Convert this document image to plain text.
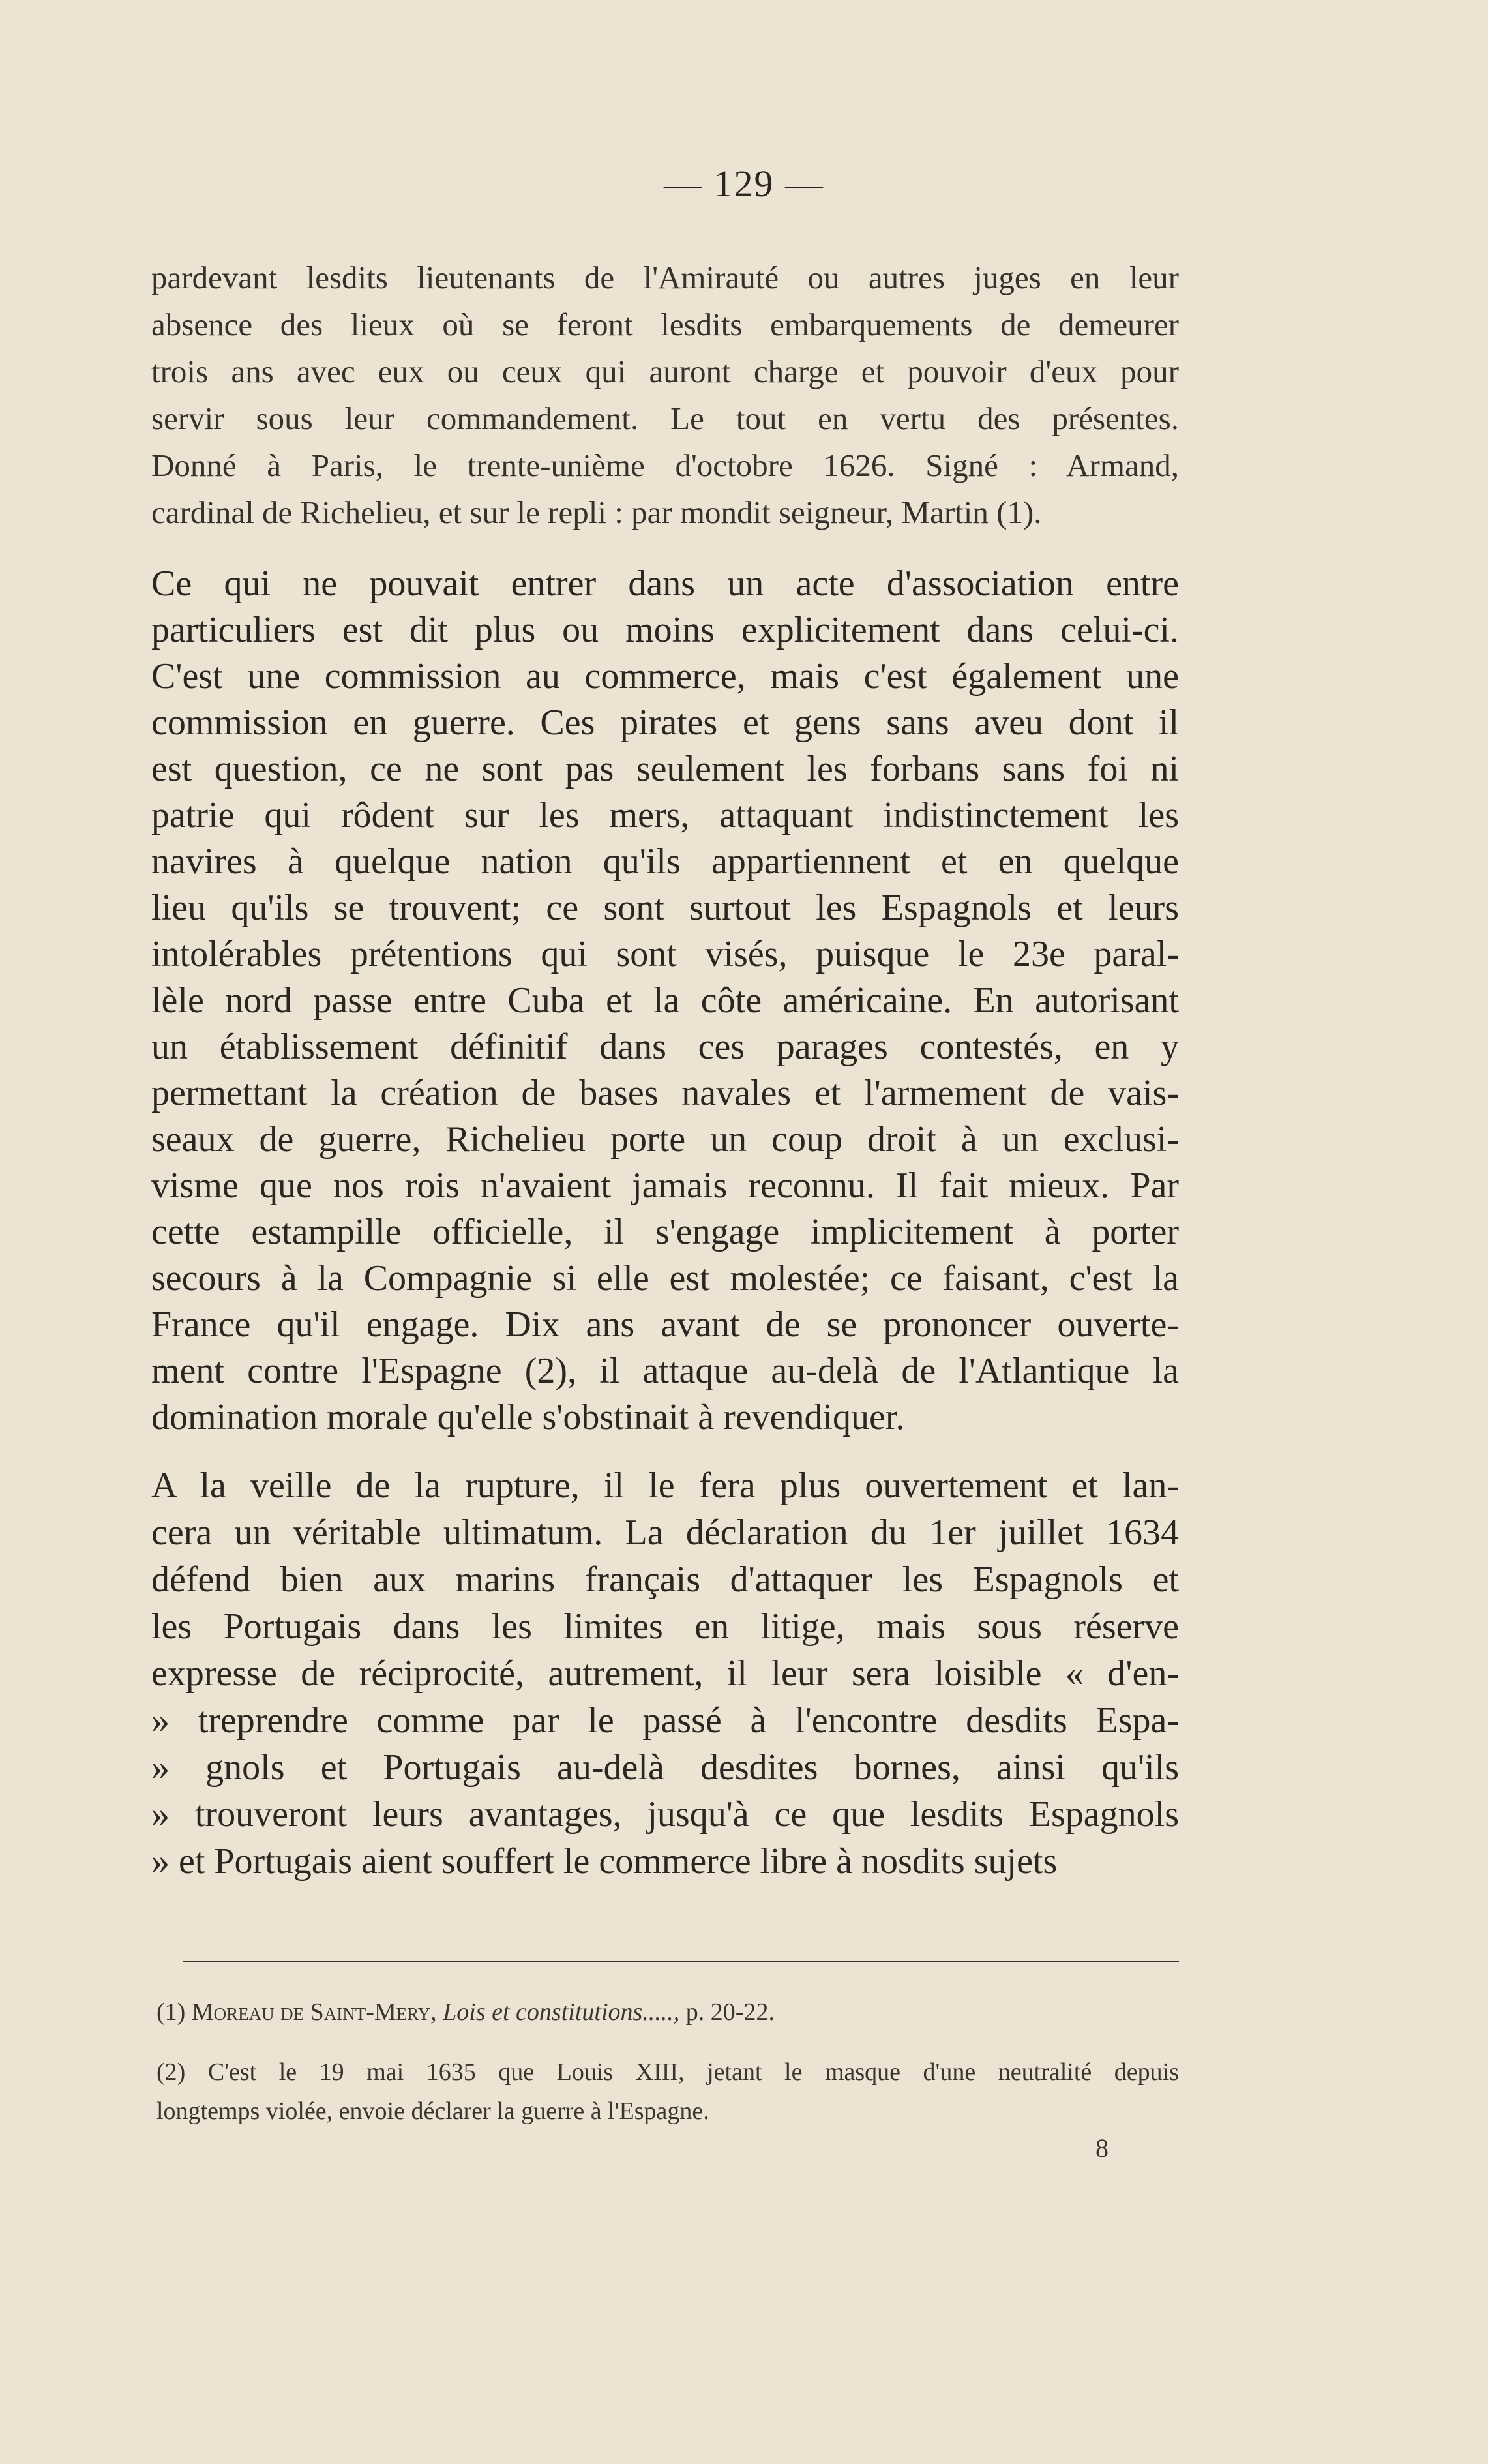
— 129 —
pardevant lesdits lieutenants de l'Amirauté ou autres juges en leur
absence des lieux où se feront lesdits embarquements de demeurer
trois ans avec eux ou ceux qui auront charge et pouvoir d'eux pour
servir sous leur commandement. Le tout en vertu des présentes.
Donné à Paris, le trente-unième d'octobre 1626. Signé : Armand,
cardinal de Richelieu, et sur le repli : par mondit seigneur, Martin (1).
Ce qui ne pouvait entrer dans un acte d'association entre
particuliers est dit plus ou moins explicitement dans celui-ci.
C'est une commission au commerce, mais c'est également une
commission en guerre. Ces pirates et gens sans aveu dont il
est question, ce ne sont pas seulement les forbans sans foi ni
patrie qui rôdent sur les mers, attaquant indistinctement les
navires à quelque nation qu'ils appartiennent et en quelque
lieu qu'ils se trouvent; ce sont surtout les Espagnols et leurs
intolérables prétentions qui sont visés, puisque le 23e paral-
lèle nord passe entre Cuba et la côte américaine. En autorisant
un établissement définitif dans ces parages contestés, en y
permettant la création de bases navales et l'armement de vais-
seaux de guerre, Richelieu porte un coup droit à un exclusi-
visme que nos rois n'avaient jamais reconnu. Il fait mieux. Par
cette estampille officielle, il s'engage implicitement à porter
secours à la Compagnie si elle est molestée; ce faisant, c'est la
France qu'il engage. Dix ans avant de se prononcer ouverte-
ment contre l'Espagne (2), il attaque au-delà de l'Atlantique la
domination morale qu'elle s'obstinait à revendiquer.
A la veille de la rupture, il le fera plus ouvertement et lan-
cera un véritable ultimatum. La déclaration du 1er juillet 1634
défend bien aux marins français d'attaquer les Espagnols et
les Portugais dans les limites en litige, mais sous réserve
expresse de réciprocité, autrement, il leur sera loisible « d'en-
» treprendre comme par le passé à l'encontre desdits Espa-
» gnols et Portugais au-delà desdites bornes, ainsi qu'ils
» trouveront leurs avantages, jusqu'à ce que lesdits Espagnols
» et Portugais aient souffert le commerce libre à nosdits sujets
(1) Moreau de Saint-Mery, Lois et constitutions....., p. 20-22.
(2) C'est le 19 mai 1635 que Louis XIII, jetant le masque d'une neutralité depuis
longtemps violée, envoie déclarer la guerre à l'Espagne.
8
